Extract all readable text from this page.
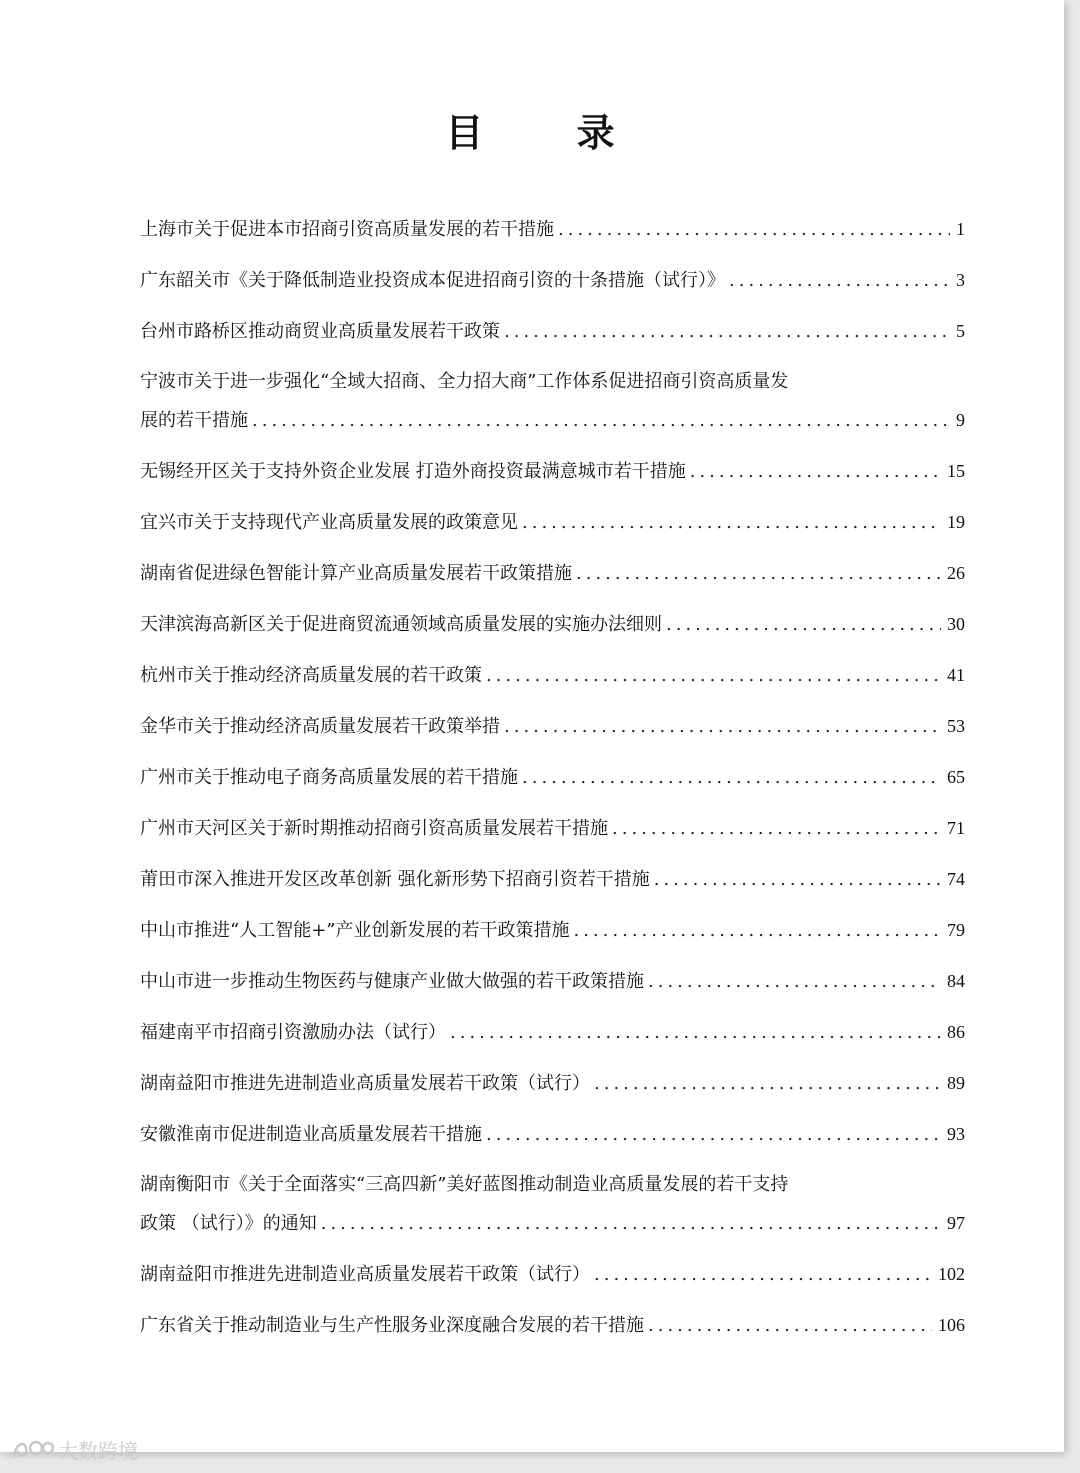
目 录
上海市关于促进本市招商引资高质量发展的若干措施 .....	1
广东韶关市《关于降低制造业投资成本促进招商引资的十条措施（试行）》 .....	3
台州市路桥区推动商贸业高质量发展若干政策 .....	5
宁波市关于进一步强化“全域大招商、全力招大商”工作体系促进招商引资高质量发
展的若干措施 .....	9
无锡经开区关于支持外资企业发展 打造外商投资最满意城市若干措施 .....	15
宜兴市关于支持现代产业高质量发展的政策意见 .....	19
湖南省促进绿色智能计算产业高质量发展若干政策措施 .....	26
天津滨海高新区关于促进商贸流通领域高质量发展的实施办法细则 .....	30
杭州市关于推动经济高质量发展的若干政策 .....	41
金华市关于推动经济高质量发展若干政策举措 .....	53
广州市关于推动电子商务高质量发展的若干措施 .....	65
广州市天河区关于新时期推动招商引资高质量发展若干措施 .....	71
莆田市深入推进开发区改革创新 强化新形势下招商引资若干措施 .....	74
中山市推进“人工智能+”产业创新发展的若干政策措施 .....	79
中山市进一步推动生物医药与健康产业做大做强的若干政策措施 .....	84
福建南平市招商引资激励办法（试行） .....	86
湖南益阳市推进先进制造业高质量发展若干政策（试行） .....	89
安徽淮南市促进制造业高质量发展若干措施 .....	93
湖南衡阳市《关于全面落实“三高四新”美好蓝图推动制造业高质量发展的若干支持
政策 （试行）》的通知 .....	97
湖南益阳市推进先进制造业高质量发展若干政策（试行） .....	102
广东省关于推动制造业与生产性服务业深度融合发展的若干措施 .....	106
大数跨境
